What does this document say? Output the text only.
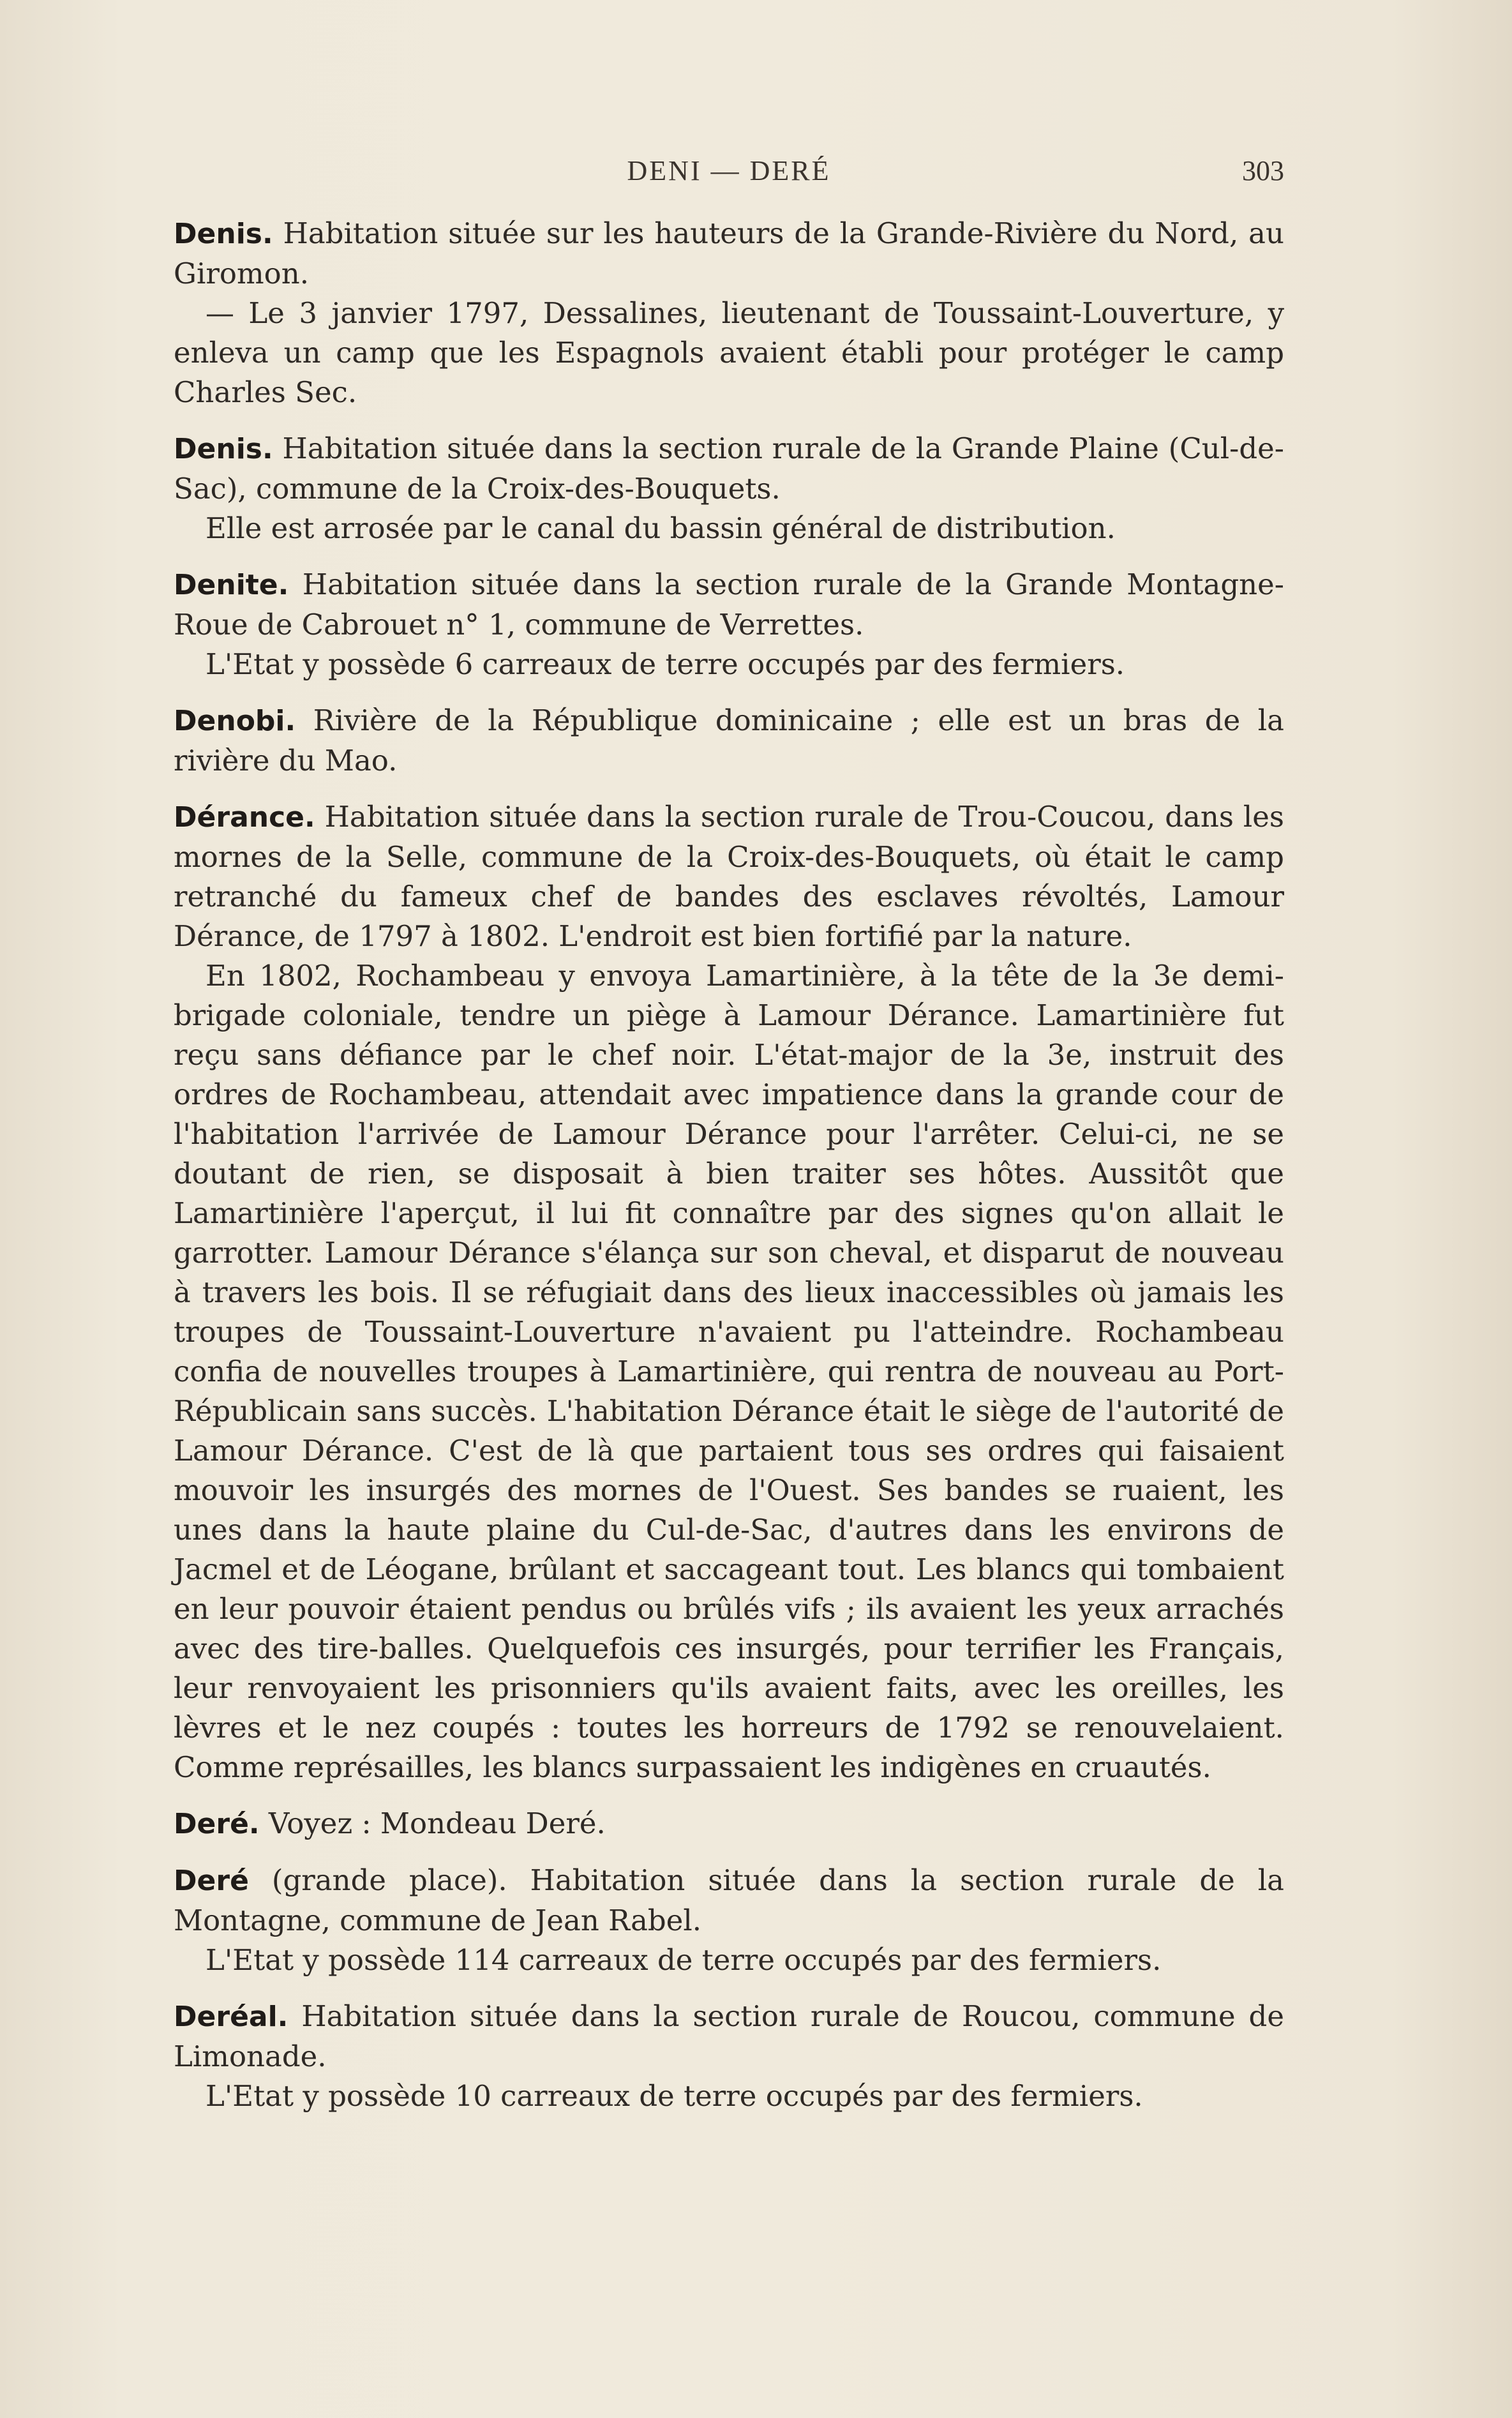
DENI — DERÉ	303

Denis. Habitation située sur les hauteurs de la Grande-Rivière du Nord, au Giromon.

— Le 3 janvier 1797, Dessalines, lieutenant de Toussaint-Louverture, y enleva un camp que les Espagnols avaient établi pour protéger le camp Charles Sec.

Denis. Habitation située dans la section rurale de la Grande Plaine (Cul-de-Sac), commune de la Croix-des-Bouquets.

Elle est arrosée par le canal du bassin général de distribution.

Denite. Habitation située dans la section rurale de la Grande Montagne-Roue de Cabrouet n° 1, commune de Verrettes.

L'Etat y possède 6 carreaux de terre occupés par des fermiers.

Denobi. Rivière de la République dominicaine ; elle est un bras de la rivière du Mao.

Dérance. Habitation située dans la section rurale de Trou-Coucou, dans les mornes de la Selle, commune de la Croix-des-Bouquets, où était le camp retranché du fameux chef de bandes des esclaves révoltés, Lamour Dérance, de 1797 à 1802. L'endroit est bien fortifié par la nature.

En 1802, Rochambeau y envoya Lamartinière, à la tête de la 3e demi-brigade coloniale, tendre un piège à Lamour Dérance. Lamartinière fut reçu sans défiance par le chef noir. L'état-major de la 3e, instruit des ordres de Rochambeau, attendait avec impatience dans la grande cour de l'habitation l'arrivée de Lamour Dérance pour l'arrêter. Celui-ci, ne se doutant de rien, se disposait à bien traiter ses hôtes. Aussitôt que Lamartinière l'aperçut, il lui fit connaître par des signes qu'on allait le garrotter. Lamour Dérance s'élança sur son cheval, et disparut de nouveau à travers les bois. Il se réfugiait dans des lieux inaccessibles où jamais les troupes de Toussaint-Louverture n'avaient pu l'atteindre. Rochambeau confia de nouvelles troupes à Lamartinière, qui rentra de nouveau au Port-Républicain sans succès. L'habitation Dérance était le siège de l'autorité de Lamour Dérance. C'est de là que partaient tous ses ordres qui faisaient mouvoir les insurgés des mornes de l'Ouest. Ses bandes se ruaient, les unes dans la haute plaine du Cul-de-Sac, d'autres dans les environs de Jacmel et de Léogane, brûlant et saccageant tout. Les blancs qui tombaient en leur pouvoir étaient pendus ou brûlés vifs ; ils avaient les yeux arrachés avec des tire-balles. Quelquefois ces insurgés, pour terrifier les Français, leur renvoyaient les prisonniers qu'ils avaient faits, avec les oreilles, les lèvres et le nez coupés : toutes les horreurs de 1792 se renouvelaient. Comme représailles, les blancs surpassaient les indigènes en cruautés.

Deré. Voyez : Mondeau Deré.

Deré (grande place). Habitation située dans la section rurale de la Montagne, commune de Jean Rabel.

L'Etat y possède 114 carreaux de terre occupés par des fermiers.

Deréal. Habitation située dans la section rurale de Roucou, commune de Limonade.

L'Etat y possède 10 carreaux de terre occupés par des fermiers.
